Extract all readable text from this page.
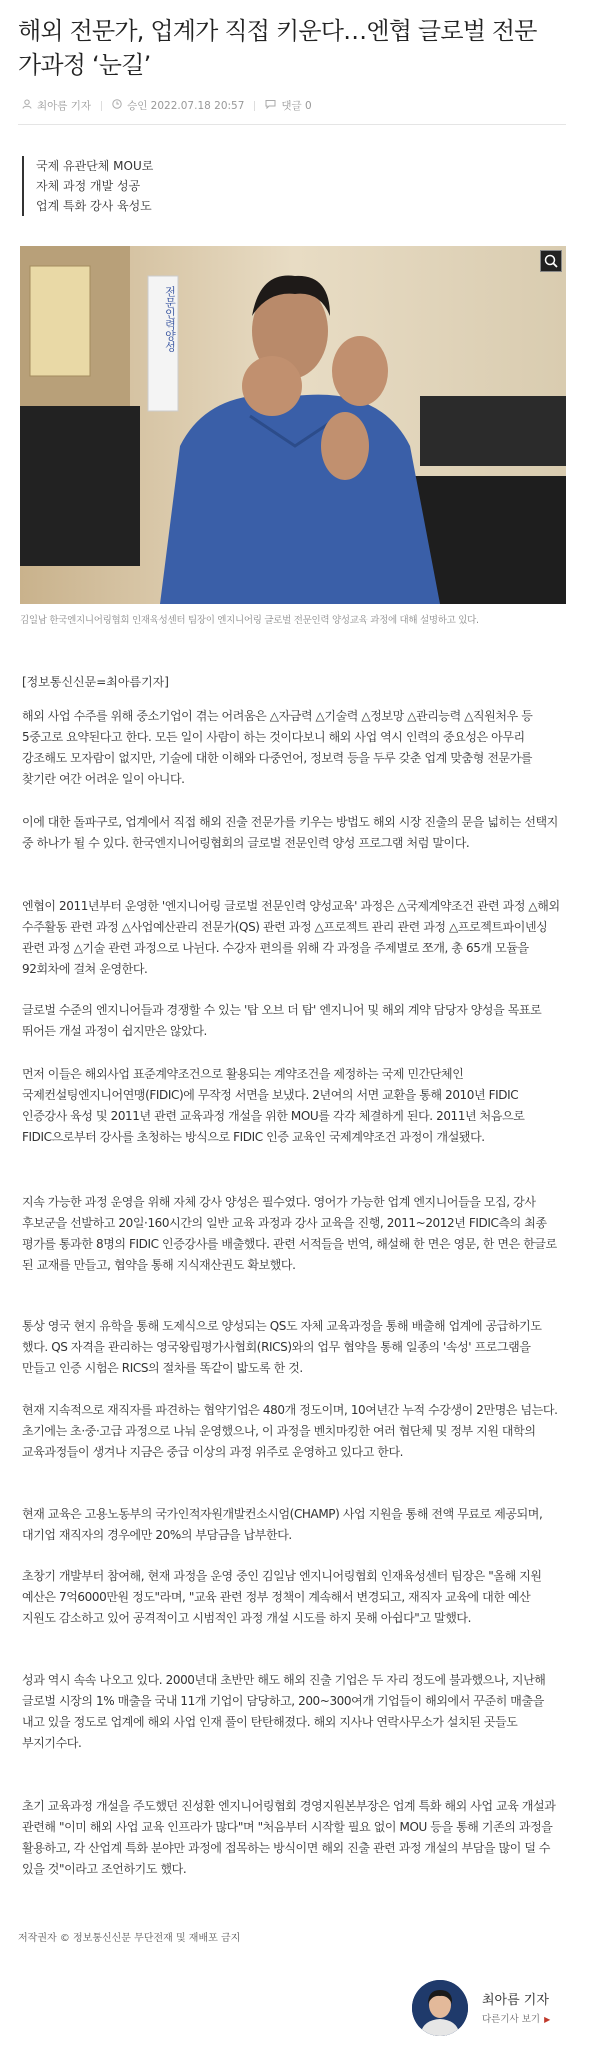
해외 전문가, 업계가 직접 키운다…엔협 글로벌 전문가과정 ‘눈길’
최아름 기자	승인 2022.07.18 20:57	댓글 0
국제 유관단체 MOU로
자체 과정 개발 성공
업계 특화 강사 육성도
전문인력양성
김일남 한국엔지니어링협회 인재육성센터 팀장이 엔지니어링 글로벌 전문인력 양성교육 과정에 대해 설명하고 있다.
[정보통신신문=최아름기자]

해외 사업 수주를 위해 중소기업이 겪는 어려움은 △자금력 △기술력 △정보망 △관리능력 △직원처우 등 5중고로 요약된다고 한다. 모든 일이 사람이 하는 것이다보니 해외 사업 역시 인력의 중요성은 아무리 강조해도 모자람이 없지만, 기술에 대한 이해와 다중언어, 정보력 등을 두루 갖춘 업계 맞춤형 전문가를 찾기란 여간 어려운 일이 아니다.

이에 대한 돌파구로, 업계에서 직접 해외 진출 전문가를 키우는 방법도 해외 시장 진출의 문을 넓히는 선택지 중 하나가 될 수 있다. 한국엔지니어링협회의 글로벌 전문인력 양성 프로그램 처럼 말이다.

엔협이 2011년부터 운영한 '엔지니어링 글로벌 전문인력 양성교육' 과정은 △국제계약조건 관련 과정 △해외 수주활동 관련 과정 △사업예산관리 전문가(QS) 관련 과정 △프로젝트 관리 관련 과정 △프로젝트파이넨싱 관련 과정 △기술 관련 과정으로 나뉜다. 수강자 편의를 위해 각 과정을 주제별로 쪼개, 총 65개 모듈을 92회차에 걸쳐 운영한다.

글로벌 수준의 엔지니어들과 경쟁할 수 있는 '탑 오브 더 탑' 엔지니어 및 해외 계약 담당자 양성을 목표로 뛰어든 개설 과정이 쉽지만은 않았다.

먼저 이들은 해외사업 표준계약조건으로 활용되는 계약조건을 제정하는 국제 민간단체인 국제컨설팅엔지니어연맹(FIDIC)에 무작정 서면을 보냈다. 2년여의 서면 교환을 통해 2010년 FIDIC 인증강사 육성 및 2011년 관련 교육과정 개설을 위한 MOU를 각각 체결하게 된다. 2011년 처음으로 FIDIC으로부터 강사를 초청하는 방식으로 FIDIC 인증 교육인 국제계약조건 과정이 개설됐다.

지속 가능한 과정 운영을 위해 자체 강사 양성은 필수였다. 영어가 가능한 업계 엔지니어들을 모집, 강사 후보군을 선발하고 20일·160시간의 일반 교육 과정과 강사 교육을 진행, 2011~2012년 FIDIC측의 최종 평가를 통과한 8명의 FIDIC 인증강사를 배출했다. 관련 서적들을 번역, 해설해 한 면은 영문, 한 면은 한글로 된 교재를 만들고, 협약을 통해 지식재산권도 확보했다.

통상 영국 현지 유학을 통해 도제식으로 양성되는 QS도 자체 교육과정을 통해 배출해 업계에 공급하기도 했다. QS 자격을 관리하는 영국왕립평가사협회(RICS)와의 업무 협약을 통해 일종의 '속성' 프로그램을 만들고 인증 시험은 RICS의 절차를 똑같이 밟도록 한 것.

현재 지속적으로 재직자를 파견하는 협약기업은 480개 정도이며, 10여년간 누적 수강생이 2만명은 넘는다. 초기에는 초·중·고급 과정으로 나눠 운영했으나, 이 과정을 벤치마킹한 여러 협단체 및 정부 지원 대학의 교육과정들이 생겨나 지금은 중급 이상의 과정 위주로 운영하고 있다고 한다.

현재 교육은 고용노동부의 국가인적자원개발컨소시엄(CHAMP) 사업 지원을 통해 전액 무료로 제공되며, 대기업 재직자의 경우에만 20%의 부담금을 납부한다.

초창기 개발부터 참여해, 현재 과정을 운영 중인 김일남 엔지니어링협회 인재육성센터 팀장은 "올해 지원 예산은 7억6000만원 정도"라며, "교육 관련 정부 정책이 계속해서 변경되고, 재직자 교육에 대한 예산 지원도 감소하고 있어 공격적이고 시범적인 과정 개설 시도를 하지 못해 아쉽다"고 말했다.

성과 역시 속속 나오고 있다. 2000년대 초반만 해도 해외 진출 기업은 두 자리 정도에 불과했으나, 지난해 글로벌 시장의 1% 매출을 국내 11개 기업이 담당하고, 200~300여개 기업들이 해외에서 꾸준히 매출을 내고 있을 정도로 업계에 해외 사업 인재 풀이 탄탄해졌다. 해외 지사나 연락사무소가 설치된 곳들도 부지기수다.

초기 교육과정 개설을 주도했던 진성환 엔지니어링협회 경영지원본부장은 업계 특화 해외 사업 교육 개설과 관련해 "이미 해외 사업 교육 인프라가 많다"며 "처음부터 시작할 필요 없이 MOU 등을 통해 기존의 과정을 활용하고, 각 산업계 특화 분야만 과정에 접목하는 방식이면 해외 진출 관련 과정 개설의 부담을 많이 덜 수 있을 것"이라고 조언하기도 했다.

저작권자 © 정보통신신문 무단전재 및 재배포 금지
최아름 기자
다른기사 보기 ▶
